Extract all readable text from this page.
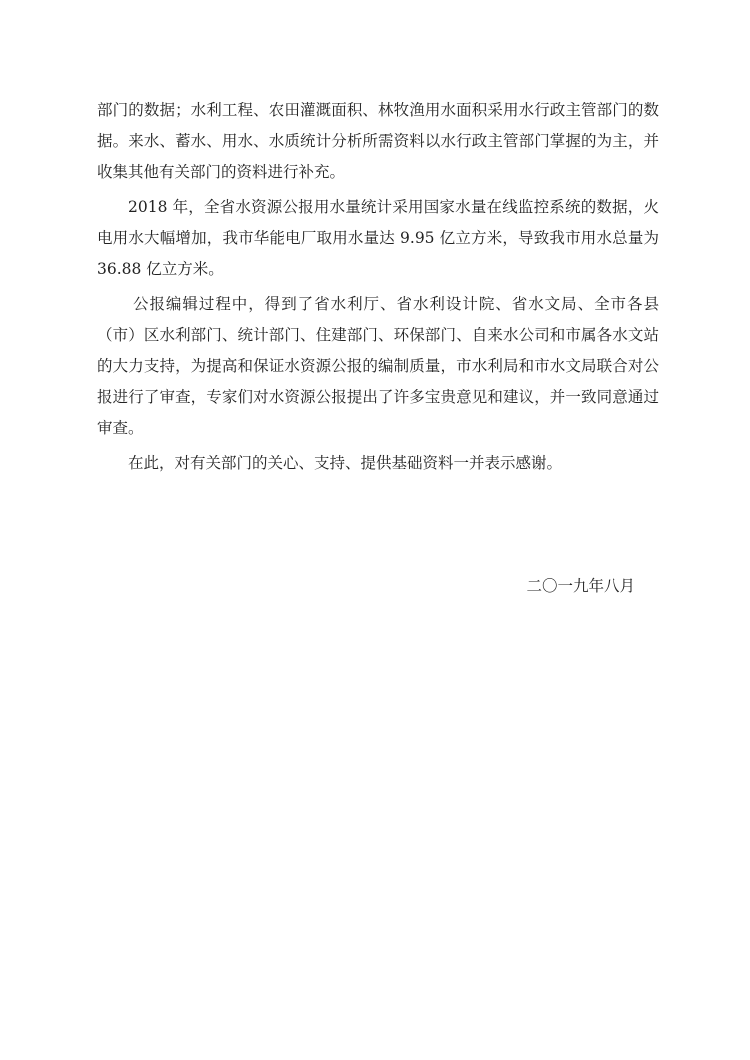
部门的数据；水利工程、农田灌溉面积、林牧渔用水面积采用水行政主管部门的数据。来水、蓄水、用水、水质统计分析所需资料以水行政主管部门掌握的为主，并收集其他有关部门的资料进行补充。

2018 年，全省水资源公报用水量统计采用国家水量在线监控系统的数据，火电用水大幅增加，我市华能电厂取用水量达 9.95 亿立方米，导致我市用水总量为 36.88 亿立方米。

公报编辑过程中，得到了省水利厅、省水利设计院、省水文局、全市各县（市）区水利部门、统计部门、住建部门、环保部门、自来水公司和市属各水文站的大力支持，为提高和保证水资源公报的编制质量，市水利局和市水文局联合对公报进行了审查，专家们对水资源公报提出了许多宝贵意见和建议，并一致同意通过审查。

在此，对有关部门的关心、支持、提供基础资料一并表示感谢。

二〇一九年八月
